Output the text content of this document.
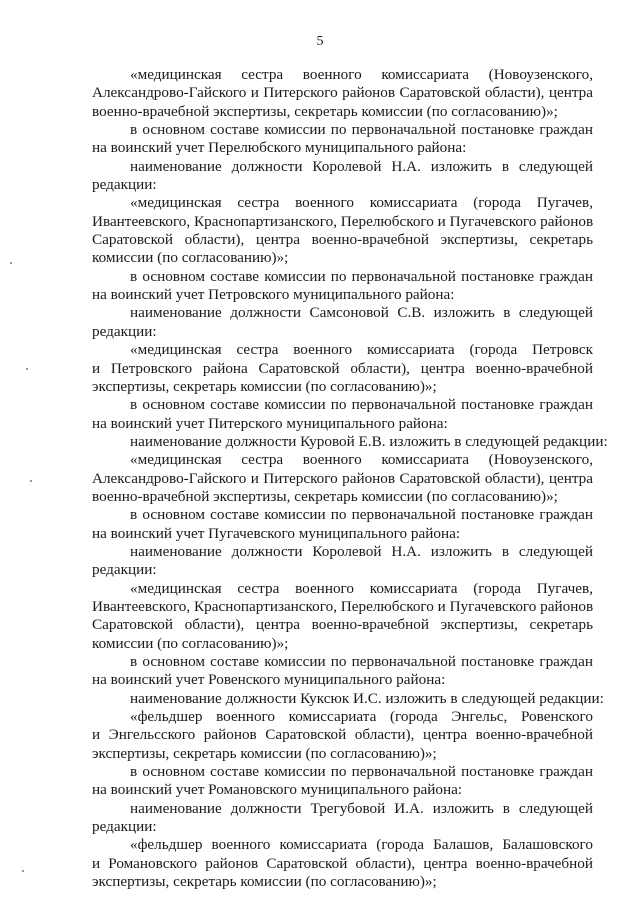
5
«медицинская сестра военного комиссариата (Новоузенского,
Александрово-Гайского и Питерского районов Саратовской области), центра
военно-врачебной экспертизы, секретарь комиссии (по согласованию)»;
в основном составе комиссии по первоначальной постановке граждан
на воинский учет Перелюбского муниципального района:
наименование должности Королевой Н.А. изложить в следующей
редакции:
«медицинская сестра военного комиссариата (города Пугачев,
Ивантеевского, Краснопартизанского, Перелюбского и Пугачевского районов
Саратовской области), центра военно-врачебной экспертизы, секретарь
комиссии (по согласованию)»;
в основном составе комиссии по первоначальной постановке граждан
на воинский учет Петровского муниципального района:
наименование должности Самсоновой С.В. изложить в следующей
редакции:
«медицинская сестра военного комиссариата (города Петровск
и Петровского района Саратовской области), центра военно-врачебной
экспертизы, секретарь комиссии (по согласованию)»;
в основном составе комиссии по первоначальной постановке граждан
на воинский учет Питерского муниципального района:
наименование должности Куровой Е.В. изложить в следующей редакции:
«медицинская сестра военного комиссариата (Новоузенского,
Александрово-Гайского и Питерского районов Саратовской области), центра
военно-врачебной экспертизы, секретарь комиссии (по согласованию)»;
в основном составе комиссии по первоначальной постановке граждан
на воинский учет Пугачевского муниципального района:
наименование должности Королевой Н.А. изложить в следующей
редакции:
«медицинская сестра военного комиссариата (города Пугачев,
Ивантеевского, Краснопартизанского, Перелюбского и Пугачевского районов
Саратовской области), центра военно-врачебной экспертизы, секретарь
комиссии (по согласованию)»;
в основном составе комиссии по первоначальной постановке граждан
на воинский учет Ровенского муниципального района:
наименование должности Куксюк И.С. изложить в следующей редакции:
«фельдшер военного комиссариата (города Энгельс, Ровенского
и Энгельсского районов Саратовской области), центра военно-врачебной
экспертизы, секретарь комиссии (по согласованию)»;
в основном составе комиссии по первоначальной постановке граждан
на воинский учет Романовского муниципального района:
наименование должности Трегубовой И.А. изложить в следующей
редакции:
«фельдшер военного комиссариата (города Балашов, Балашовского
и Романовского районов Саратовской области), центра военно-врачебной
экспертизы, секретарь комиссии (по согласованию)»;
